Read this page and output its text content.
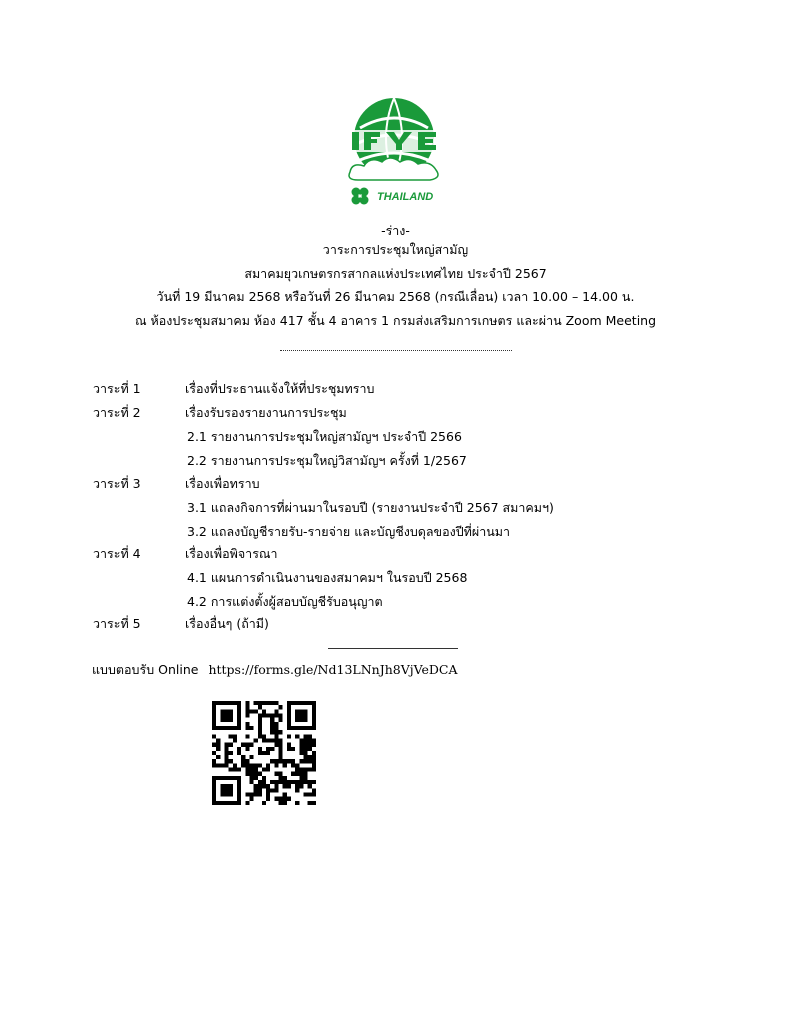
H THAILAND
-ร่าง-
วาระการประชุมใหญ่สามัญ
สมาคมยุวเกษตรกรสากลแห่งประเทศไทย ประจำปี 2567
วันที่ 19 มีนาคม 2568 หรือวันที่ 26 มีนาคม 2568 (กรณีเลื่อน) เวลา 10.00 – 14.00 น.
ณ ห้องประชุมสมาคม ห้อง 417 ชั้น 4 อาคาร 1 กรมส่งเสริมการเกษตร และผ่าน Zoom Meeting
วาระที่ 1	เรื่องที่ประธานแจ้งให้ที่ประชุมทราบ
วาระที่ 2	เรื่องรับรองรายงานการประชุม
2.1 รายงานการประชุมใหญ่สามัญฯ ประจำปี 2566
2.2 รายงานการประชุมใหญ่วิสามัญฯ ครั้งที่ 1/2567
วาระที่ 3	เรื่องเพื่อทราบ
3.1 แถลงกิจการที่ผ่านมาในรอบปี (รายงานประจำปี 2567 สมาคมฯ)
3.2 แถลงบัญชีรายรับ-รายจ่าย และบัญชีงบดุลของปีที่ผ่านมา
วาระที่ 4	เรื่องเพื่อพิจารณา
4.1 แผนการดำเนินงานของสมาคมฯ ในรอบปี 2568
4.2 การแต่งตั้งผู้สอบบัญชีรับอนุญาต
วาระที่ 5	เรื่องอื่นๆ (ถ้ามี)
แบบตอบรับ Online https://forms.gle/Nd13LNnJh8VjVeDCA
